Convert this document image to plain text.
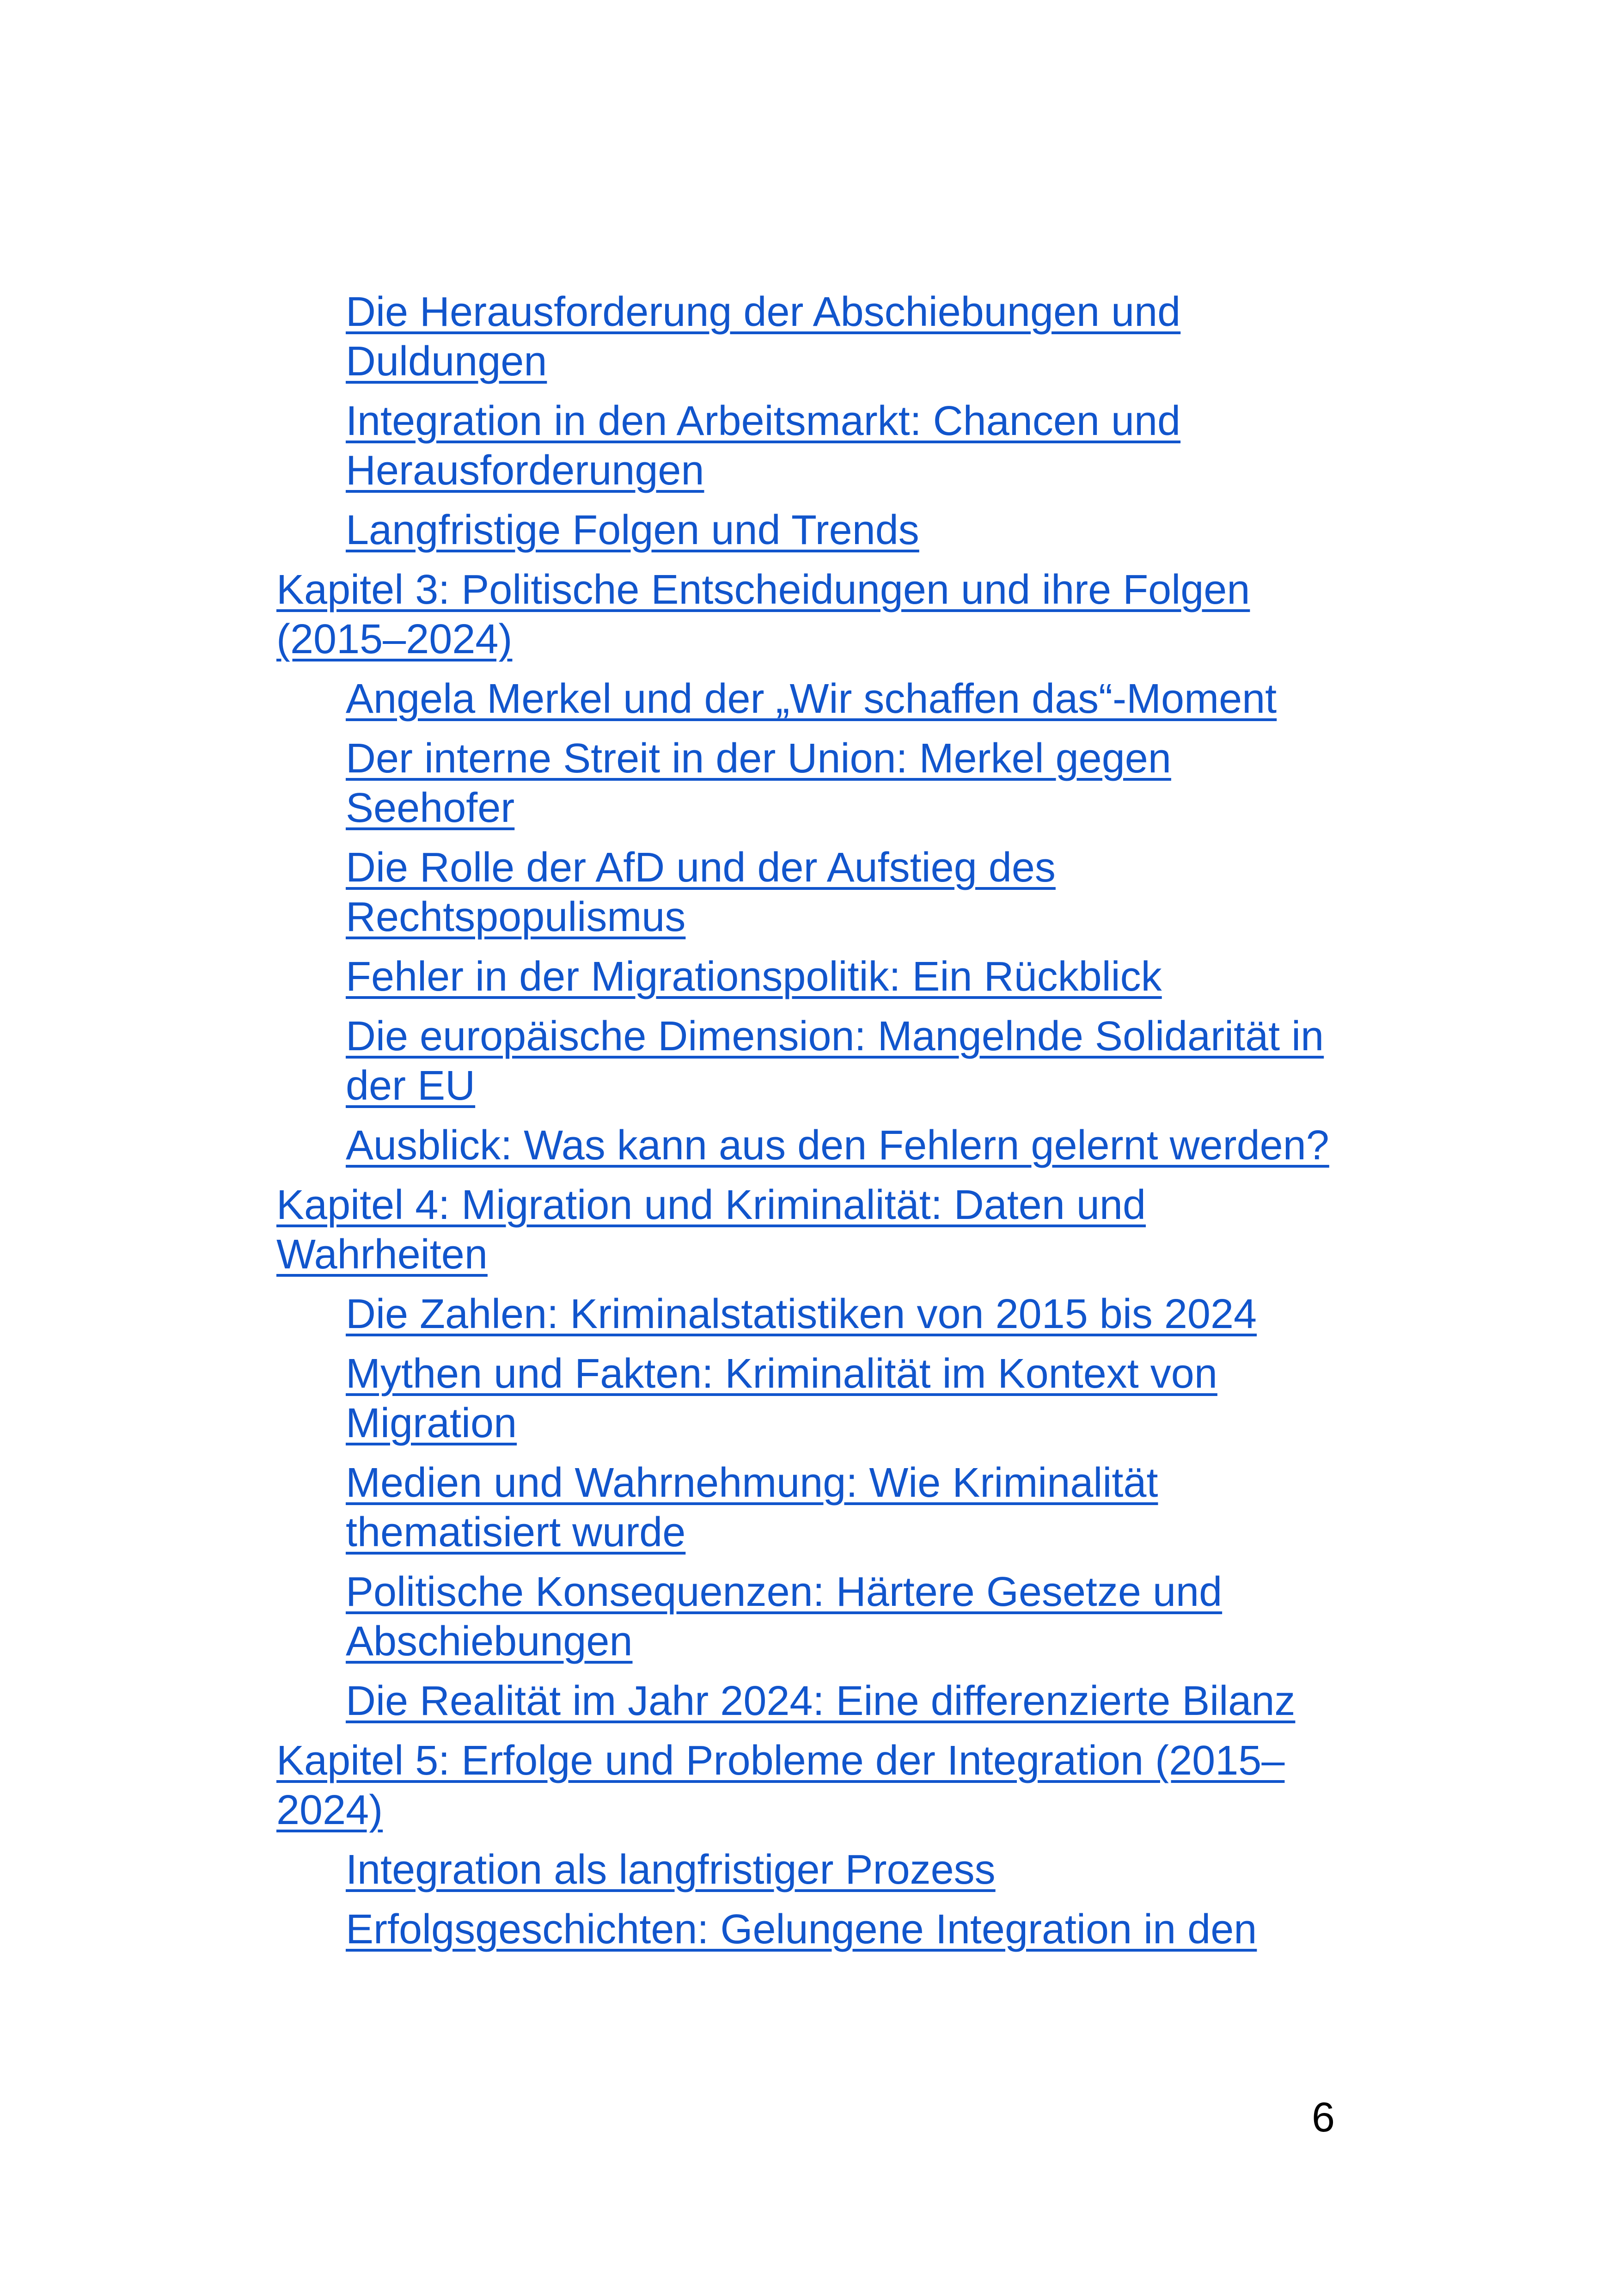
Die Herausforderung der Abschiebungen und Duldungen
Integration in den Arbeitsmarkt: Chancen und Herausforderungen
Langfristige Folgen und Trends
Kapitel 3: Politische Entscheidungen und ihre Folgen (2015–2024)
Angela Merkel und der „Wir schaffen das“-Moment
Der interne Streit in der Union: Merkel gegen Seehofer
Die Rolle der AfD und der Aufstieg des Rechtspopulismus
Fehler in der Migrationspolitik: Ein Rückblick
Die europäische Dimension: Mangelnde Solidarität in der EU
Ausblick: Was kann aus den Fehlern gelernt werden?
Kapitel 4: Migration und Kriminalität: Daten und Wahrheiten
Die Zahlen: Kriminalstatistiken von 2015 bis 2024
Mythen und Fakten: Kriminalität im Kontext von Migration
Medien und Wahrnehmung: Wie Kriminalität thematisiert wurde
Politische Konsequenzen: Härtere Gesetze und Abschiebungen
Die Realität im Jahr 2024: Eine differenzierte Bilanz
Kapitel 5: Erfolge und Probleme der Integration (2015–2024)
Integration als langfristiger Prozess
Erfolgsgeschichten: Gelungene Integration in den
6
